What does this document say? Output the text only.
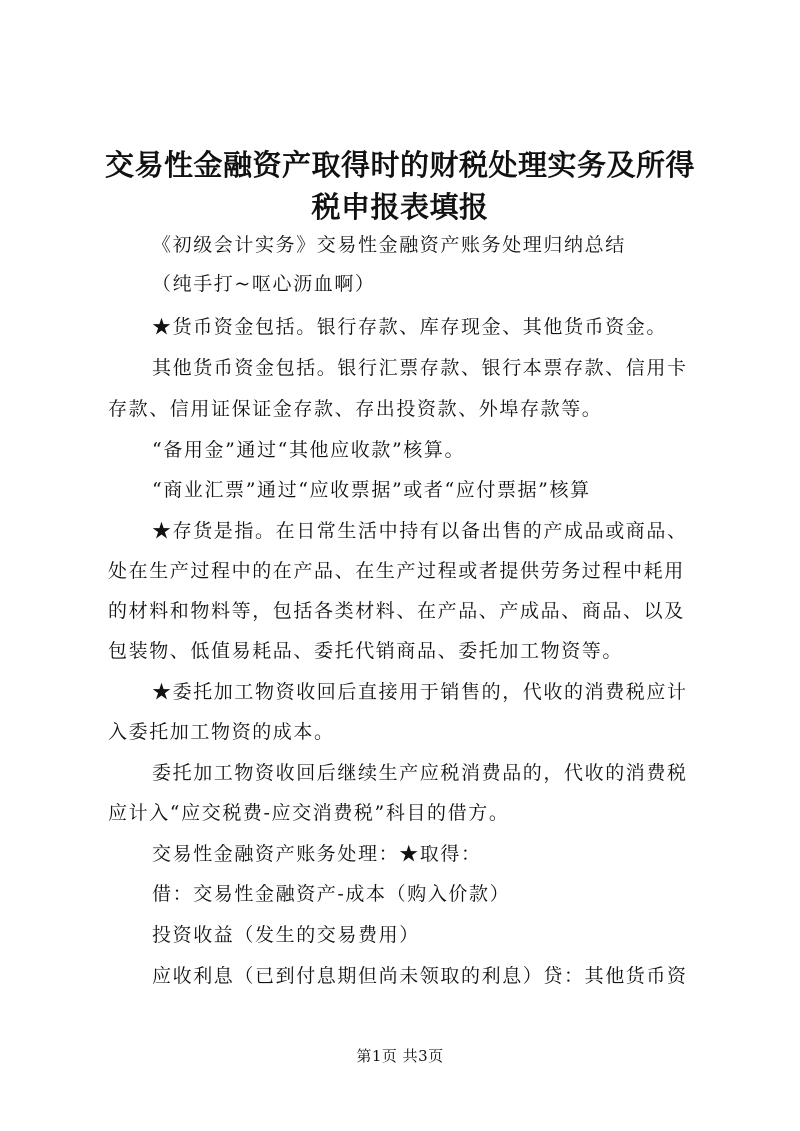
交易性金融资产取得时的财税处理实务及所得
税申报表填报
《初级会计实务》交易性金融资产账务处理归纳总结
（纯手打~呕心沥血啊）
★货币资金包括。银行存款、库存现金、其他货币资金。
其他货币资金包括。银行汇票存款、银行本票存款、信用卡
存款、信用证保证金存款、存出投资款、外埠存款等。
“备用金”通过“其他应收款”核算。
“商业汇票”通过“应收票据”或者“应付票据”核算
★存货是指。在日常生活中持有以备出售的产成品或商品、
处在生产过程中的在产品、在生产过程或者提供劳务过程中耗用
的材料和物料等，包括各类材料、在产品、产成品、商品、以及
包装物、低值易耗品、委托代销商品、委托加工物资等。
★委托加工物资收回后直接用于销售的，代收的消费税应计
入委托加工物资的成本。
委托加工物资收回后继续生产应税消费品的，代收的消费税
应计入“应交税费-应交消费税”科目的借方。
交易性金融资产账务处理：★取得：
借：交易性金融资产-成本（购入价款）
投资收益（发生的交易费用）
应收利息（已到付息期但尚未领取的利息）贷：其他货币资
第1页 共3页
